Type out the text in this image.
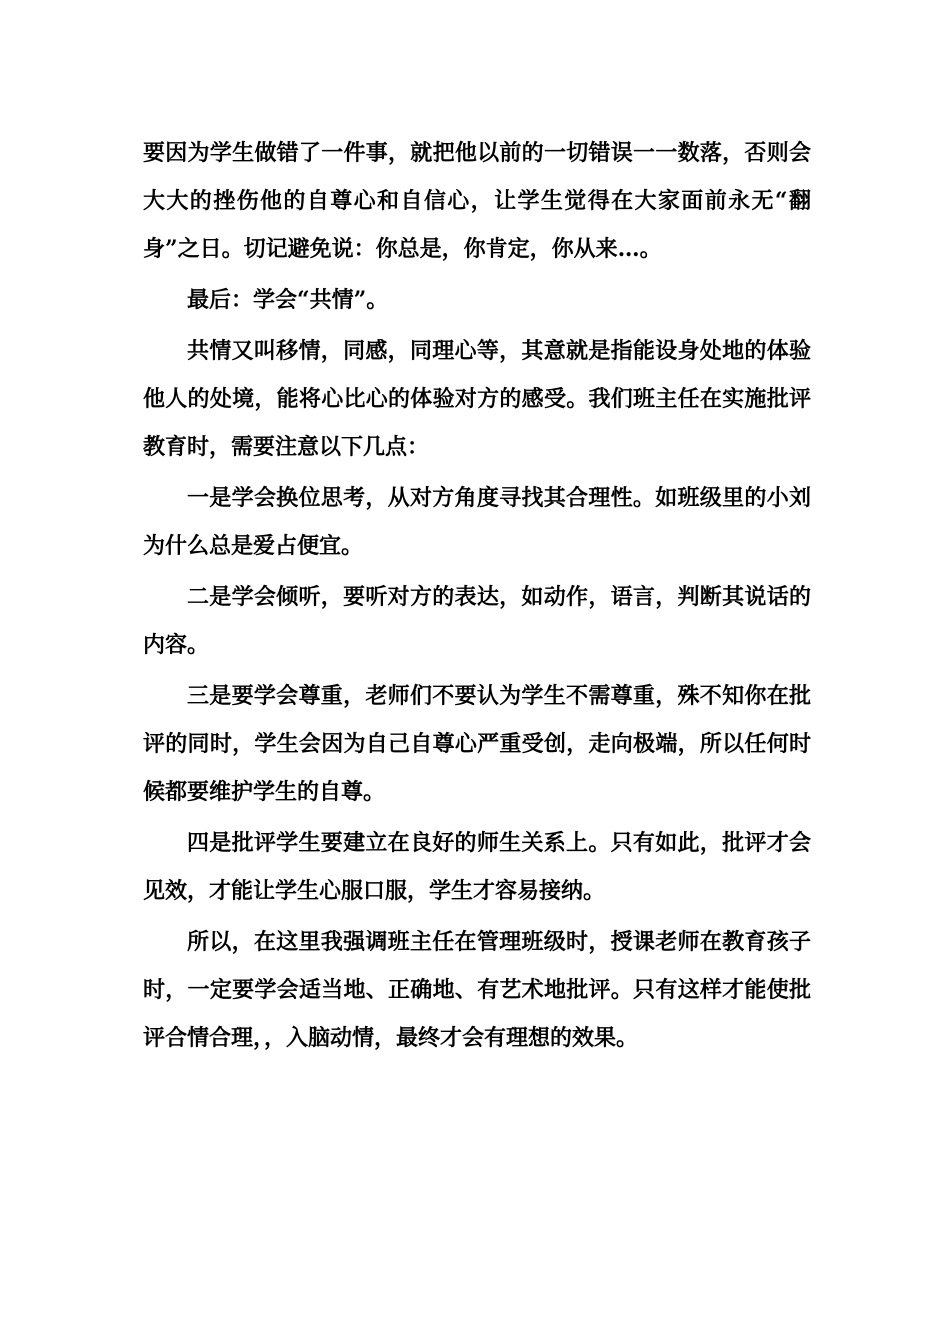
要因为学生做错了一件事，就把他以前的一切错误一一数落，否则会大大的挫伤他的自尊心和自信心，让学生觉得在大家面前永无“翻身”之日。切记避免说：你总是，你肯定，你从来…。

最后：学会“共情”。

共情又叫移情，同感，同理心等，其意就是指能设身处地的体验他人的处境，能将心比心的体验对方的感受。我们班主任在实施批评教育时，需要注意以下几点：

一是学会换位思考，从对方角度寻找其合理性。如班级里的小刘为什么总是爱占便宜。

二是学会倾听，要听对方的表达，如动作，语言，判断其说话的内容。

三是要学会尊重，老师们不要认为学生不需尊重，殊不知你在批评的同时，学生会因为自己自尊心严重受创，走向极端，所以任何时候都要维护学生的自尊。

四是批评学生要建立在良好的师生关系上。只有如此，批评才会见效，才能让学生心服口服，学生才容易接纳。

所以，在这里我强调班主任在管理班级时，授课老师在教育孩子时，一定要学会适当地、正确地、有艺术地批评。只有这样才能使批评合情合理，，入脑动情，最终才会有理想的效果。
